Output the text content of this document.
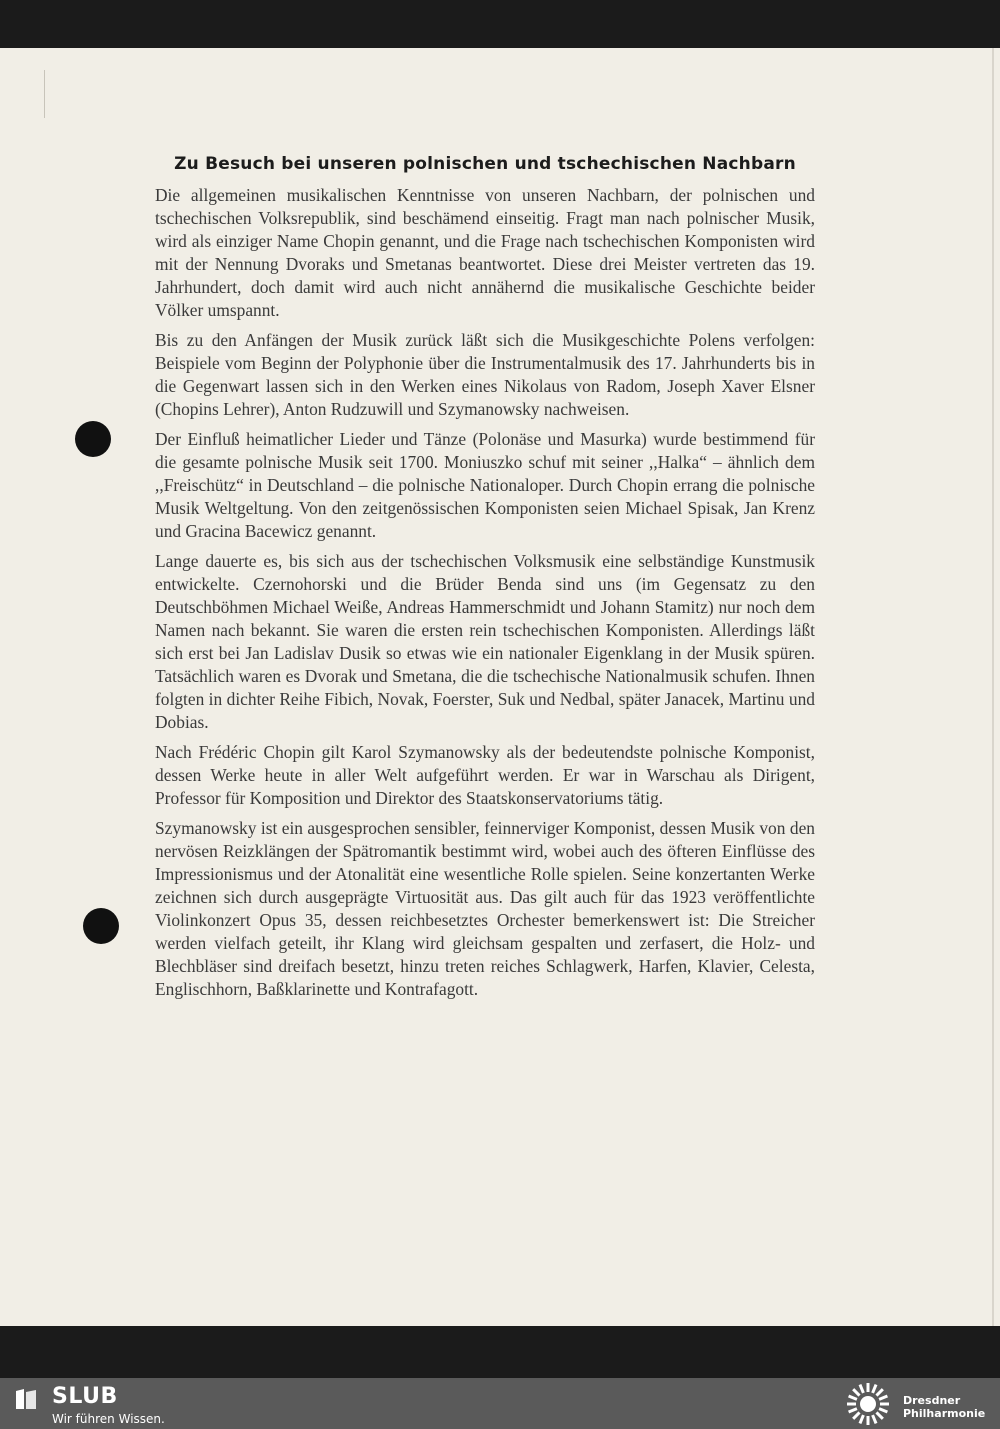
Zu Besuch bei unseren polnischen und tschechischen Nachbarn

Die allgemeinen musikalischen Kenntnisse von unseren Nachbarn, der polnischen und tschechischen Volksrepublik, sind beschämend einseitig. Fragt man nach polnischer Musik, wird als einziger Name Chopin genannt, und die Frage nach tschechischen Komponisten wird mit der Nennung Dvoraks und Smetanas beantwortet. Diese drei Meister vertreten das 19. Jahrhundert, doch damit wird auch nicht annähernd die musikalische Geschichte beider Völker umspannt.

Bis zu den Anfängen der Musik zurück läßt sich die Musikgeschichte Polens verfolgen: Beispiele vom Beginn der Polyphonie über die Instrumentalmusik des 17. Jahrhunderts bis in die Gegenwart lassen sich in den Werken eines Nikolaus von Radom, Joseph Xaver Elsner (Chopins Lehrer), Anton Rudzuwill und Szymanowsky nachweisen.

Der Einfluß heimatlicher Lieder und Tänze (Polonäse und Masurka) wurde bestimmend für die gesamte polnische Musik seit 1700. Moniuszko schuf mit seiner ,,Halka“ – ähnlich dem ,,Freischütz“ in Deutschland – die polnische Nationaloper. Durch Chopin errang die polnische Musik Weltgeltung. Von den zeitgenössischen Komponisten seien Michael Spisak, Jan Krenz und Gracina Bacewicz genannt.

Lange dauerte es, bis sich aus der tschechischen Volksmusik eine selbständige Kunstmusik entwickelte. Czernohorski und die Brüder Benda sind uns (im Gegensatz zu den Deutschböhmen Michael Weiße, Andreas Hammerschmidt und Johann Stamitz) nur noch dem Namen nach bekannt. Sie waren die ersten rein tschechischen Komponisten. Allerdings läßt sich erst bei Jan Ladislav Dusik so etwas wie ein nationaler Eigenklang in der Musik spüren. Tatsächlich waren es Dvorak und Smetana, die die tschechische Nationalmusik schufen. Ihnen folgten in dichter Reihe Fibich, Novak, Foerster, Suk und Nedbal, später Janacek, Martinu und Dobias.

Nach Frédéric Chopin gilt Karol Szymanowsky als der bedeutendste polnische Komponist, dessen Werke heute in aller Welt aufgeführt werden. Er war in Warschau als Dirigent, Professor für Komposition und Direktor des Staatskonservatoriums tätig.

Szymanowsky ist ein ausgesprochen sensibler, feinnerviger Komponist, dessen Musik von den nervösen Reizklängen der Spätromantik bestimmt wird, wobei auch des öfteren Einflüsse des Impressionismus und der Atonalität eine wesentliche Rolle spielen. Seine konzertanten Werke zeichnen sich durch ausgeprägte Virtuosität aus. Das gilt auch für das 1923 veröffentlichte Violinkonzert Opus 35, dessen reichbesetztes Orchester bemerkenswert ist: Die Streicher werden vielfach geteilt, ihr Klang wird gleichsam gespalten und zerfasert, die Holz- und Blechbläser sind dreifach besetzt, hinzu treten reiches Schlagwerk, Harfen, Klavier, Celesta, Englischhorn, Baßklarinette und Kontrafagott.

SLUB
Wir führen Wissen.
Dresdner
Philharmonie
